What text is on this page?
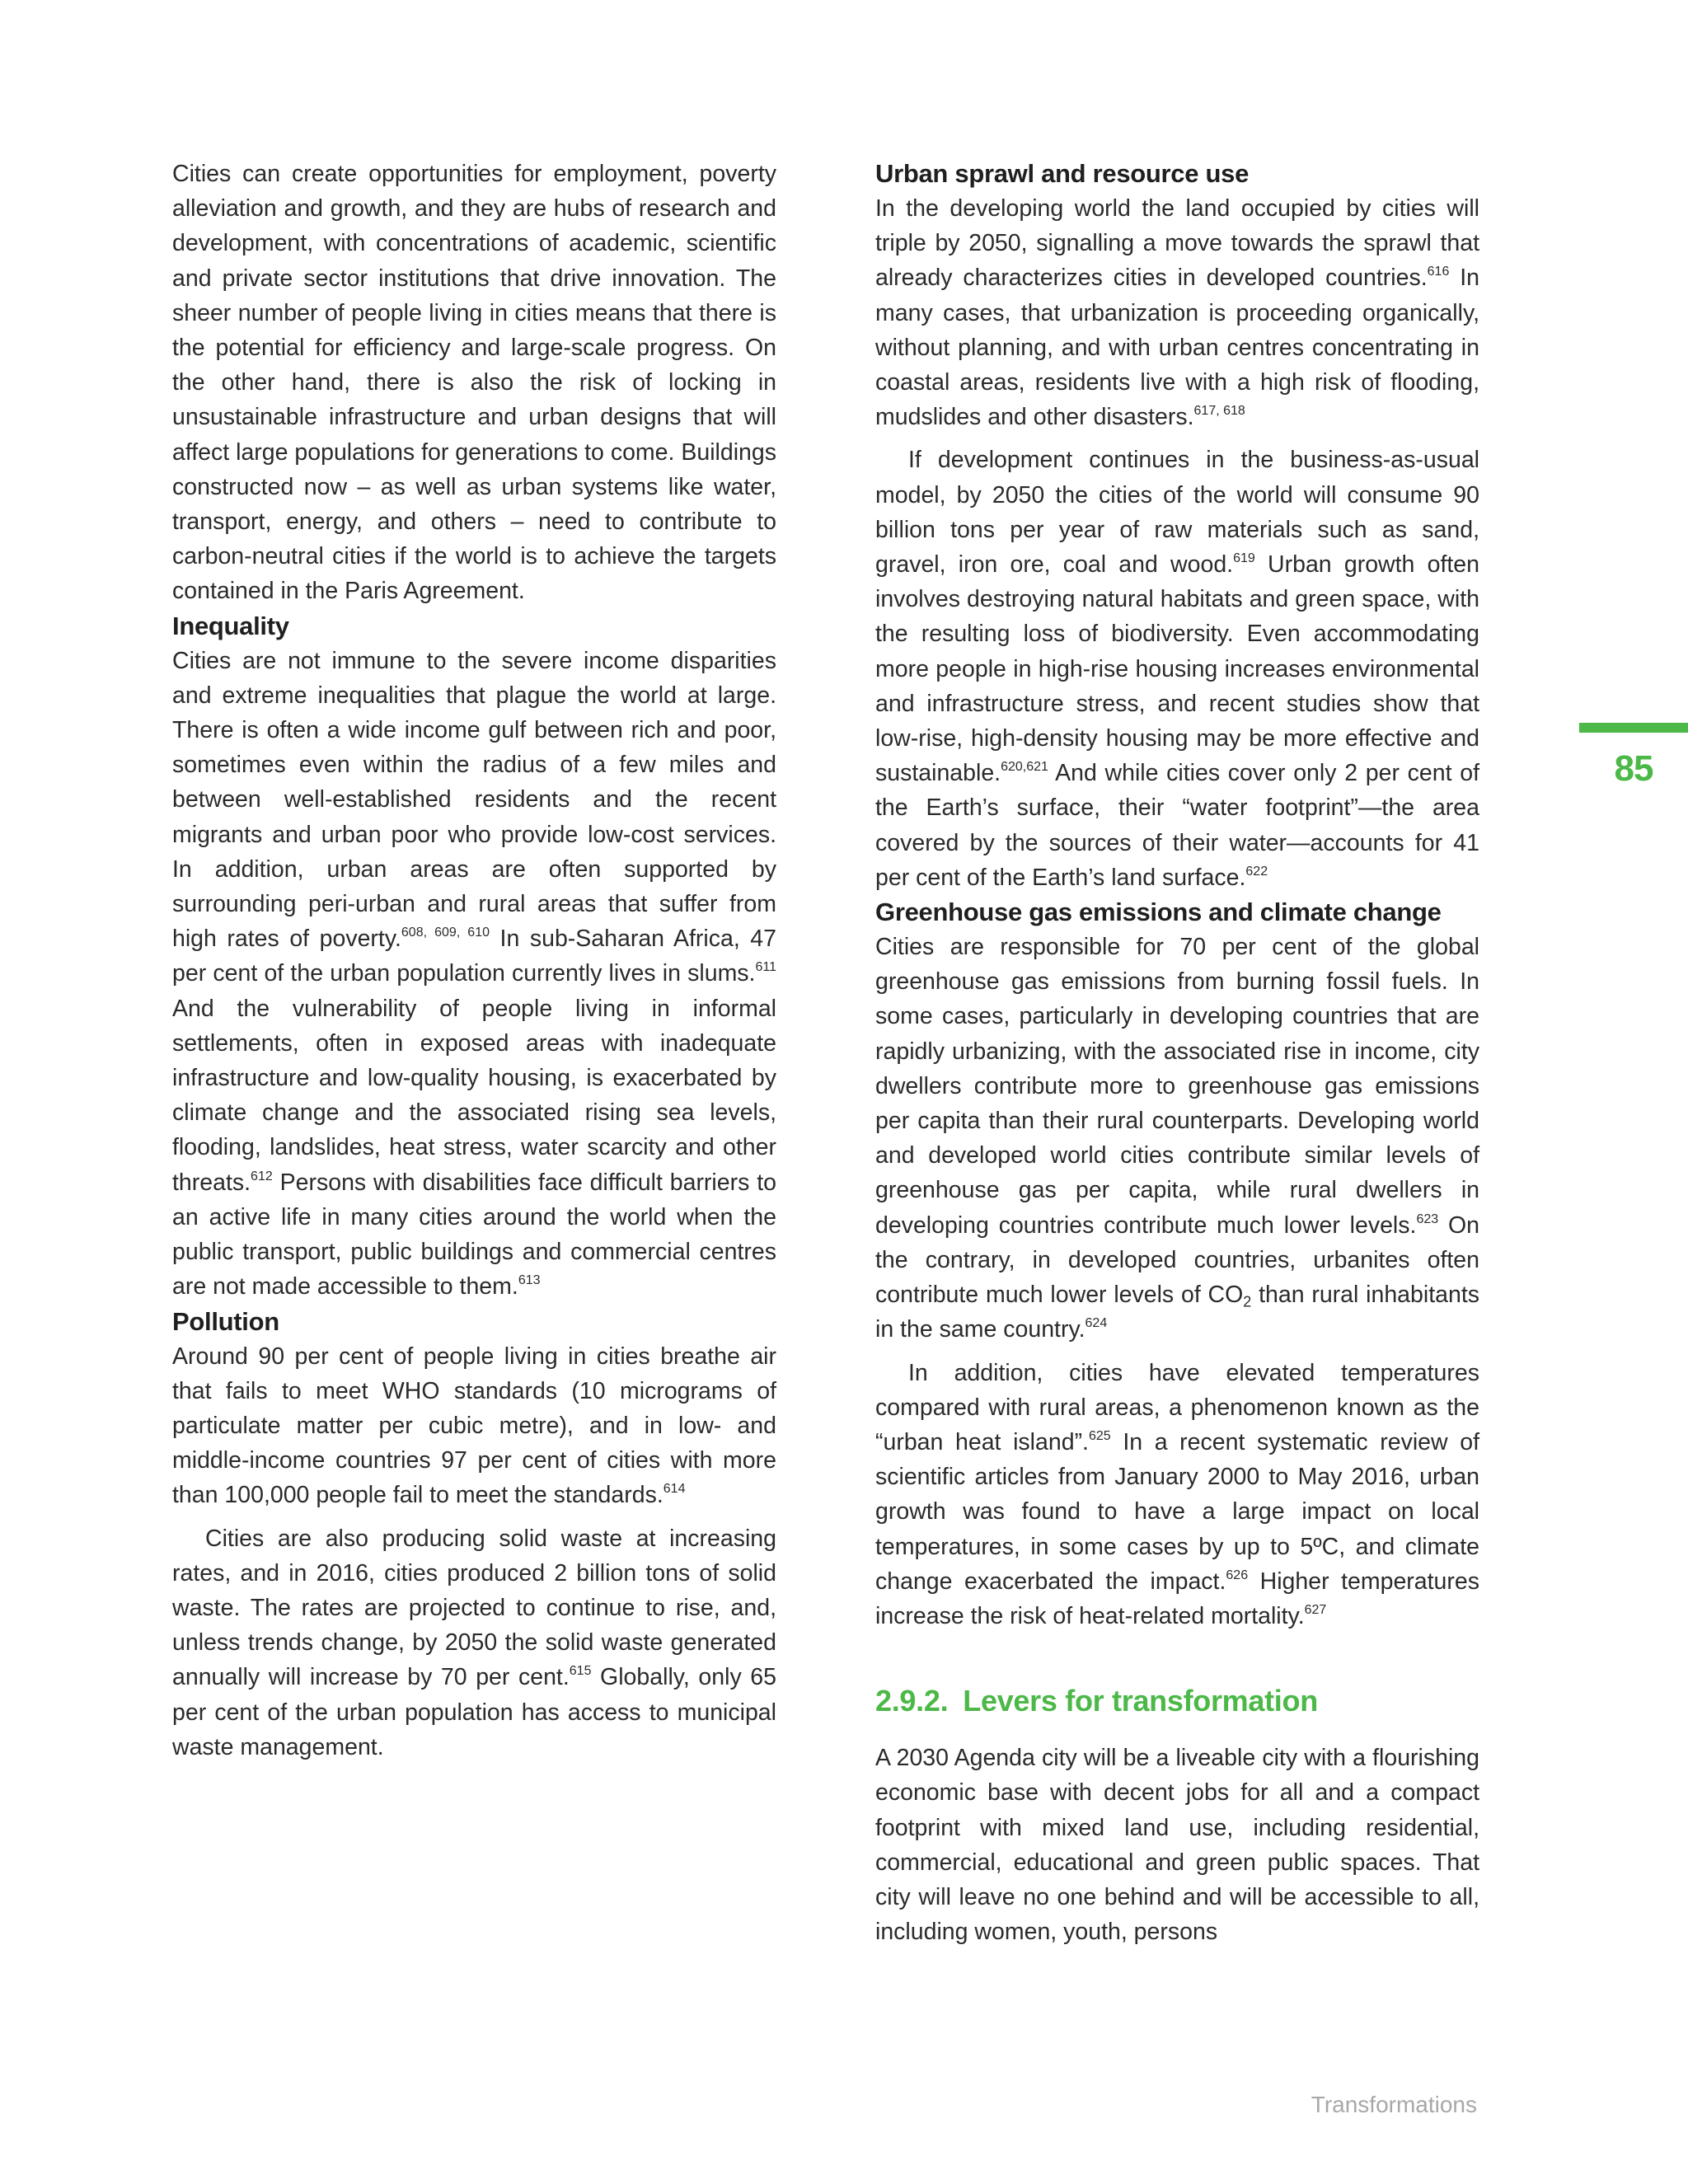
Cities can create opportunities for employment, poverty alleviation and growth, and they are hubs of research and development, with concentrations of academic, scientific and private sector institutions that drive innovation. The sheer number of people living in cities means that there is the potential for efficiency and large-scale progress. On the other hand, there is also the risk of locking in unsustainable infrastructure and urban designs that will affect large populations for generations to come. Buildings constructed now – as well as urban systems like water, transport, energy, and others – need to contribute to carbon-neutral cities if the world is to achieve the targets contained in the Paris Agreement.

Inequality

Cities are not immune to the severe income disparities and extreme inequalities that plague the world at large. There is often a wide income gulf between rich and poor, sometimes even within the radius of a few miles and between well-established residents and the recent migrants and urban poor who provide low-cost services. In addition, urban areas are often supported by surrounding peri-urban and rural areas that suffer from high rates of poverty.$^{608, 609, 610}$ In sub-Saharan Africa, 47 per cent of the urban population currently lives in slums.$^{611}$ And the vulnerability of people living in informal settlements, often in exposed areas with inadequate infrastructure and low-quality housing, is exacerbated by climate change and the associated rising sea levels, flooding, landslides, heat stress, water scarcity and other threats.$^{612}$ Persons with disabilities face difficult barriers to an active life in many cities around the world when the public transport, public buildings and commercial centres are not made accessible to them.$^{613}$

Pollution

Around 90 per cent of people living in cities breathe air that fails to meet WHO standards (10 micrograms of particulate matter per cubic metre), and in low- and middle-income countries 97 per cent of cities with more than 100,000 people fail to meet the standards.$^{614}$

Cities are also producing solid waste at increasing rates, and in 2016, cities produced 2 billion tons of solid waste. The rates are projected to continue to rise, and, unless trends change, by 2050 the solid waste generated annually will increase by 70 per cent.$^{615}$ Globally, only 65 per cent of the urban population has access to municipal waste management.

Urban sprawl and resource use

In the developing world the land occupied by cities will triple by 2050, signalling a move towards the sprawl that already characterizes cities in developed countries.$^{616}$ In many cases, that urbanization is proceeding organically, without planning, and with urban centres concentrating in coastal areas, residents live with a high risk of flooding, mudslides and other disasters.$^{617, 618}$

If development continues in the business-as-usual model, by 2050 the cities of the world will consume 90 billion tons per year of raw materials such as sand, gravel, iron ore, coal and wood.$^{619}$ Urban growth often involves destroying natural habitats and green space, with the resulting loss of biodiversity. Even accommodating more people in high-rise housing increases environmental and infrastructure stress, and recent studies show that low-rise, high-density housing may be more effective and sustainable.$^{620,621}$ And while cities cover only 2 per cent of the Earth’s surface, their “water footprint”—the area covered by the sources of their water—accounts for 41 per cent of the Earth’s land surface.$^{622}$

Greenhouse gas emissions and climate change

Cities are responsible for 70 per cent of the global greenhouse gas emissions from burning fossil fuels. In some cases, particularly in developing countries that are rapidly urbanizing, with the associated rise in income, city dwellers contribute more to greenhouse gas emissions per capita than their rural counterparts. Developing world and developed world cities contribute similar levels of greenhouse gas per capita, while rural dwellers in developing countries contribute much lower levels.$^{623}$ On the contrary, in developed countries, urbanites often contribute much lower levels of $CO_2$ than rural inhabitants in the same country.$^{624}$

In addition, cities have elevated temperatures compared with rural areas, a phenomenon known as the “urban heat island”.$^{625}$ In a recent systematic review of scientific articles from January 2000 to May 2016, urban growth was found to have a large impact on local temperatures, in some cases by up to 5ºC, and climate change exacerbated the impact.$^{626}$ Higher temperatures increase the risk of heat-related mortality.$^{627}$

2.9.2. Levers for transformation

A 2030 Agenda city will be a liveable city with a flourishing economic base with decent jobs for all and a compact footprint with mixed land use, including residential, commercial, educational and green public spaces. That city will leave no one behind and will be accessible to all, including women, youth, persons

85
Transformations
